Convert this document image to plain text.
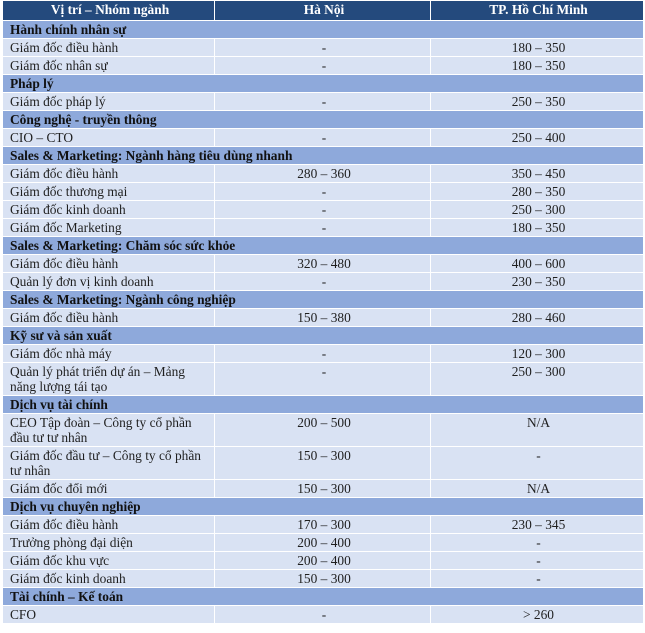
Vị trí – Nhóm ngành	Hà Nội	TP. Hồ Chí Minh
Hành chính nhân sự		
Giám đốc điều hành	-	180 – 350
Giám đốc nhân sự	-	180 – 350
Pháp lý		
Giám đốc pháp lý	-	250 – 350
Công nghệ - truyền thông		
CIO – CTO	-	250 – 400
Sales & Marketing: Ngành hàng tiêu dùng nhanh		
Giám đốc điều hành	280 – 360	350 – 450
Giám đốc thương mại	-	280 – 350
Giám đốc kinh doanh	-	250 – 300
Giám đốc Marketing	-	180 – 350
Sales & Marketing: Chăm sóc sức khỏe		
Giám đốc điều hành	320 – 480	400 – 600
Quản lý đơn vị kinh doanh	-	230 – 350
Sales & Marketing: Ngành công nghiệp		
Giám đốc điều hành	150 – 380	280 – 460
Kỹ sư và sản xuất		
Giám đốc nhà máy	-	120 – 300
Quản lý phát triển dự án – Mảng năng lượng tái tạo	-	250 – 300
Dịch vụ tài chính		
CEO Tập đoàn – Công ty cổ phần đầu tư tư nhân	200 – 500	N/A
Giám đốc đầu tư – Công ty cổ phần tư nhân	150 – 300	-
Giám đốc đổi mới	150 – 300	N/A
Dịch vụ chuyên nghiệp		
Giám đốc điều hành	170 – 300	230 – 345
Trưởng phòng đại diện	200 – 400	-
Giám đốc khu vực	200 – 400	-
Giám đốc kinh doanh	150 – 300	-
Tài chính – Kế toán		
CFO	-	> 260
